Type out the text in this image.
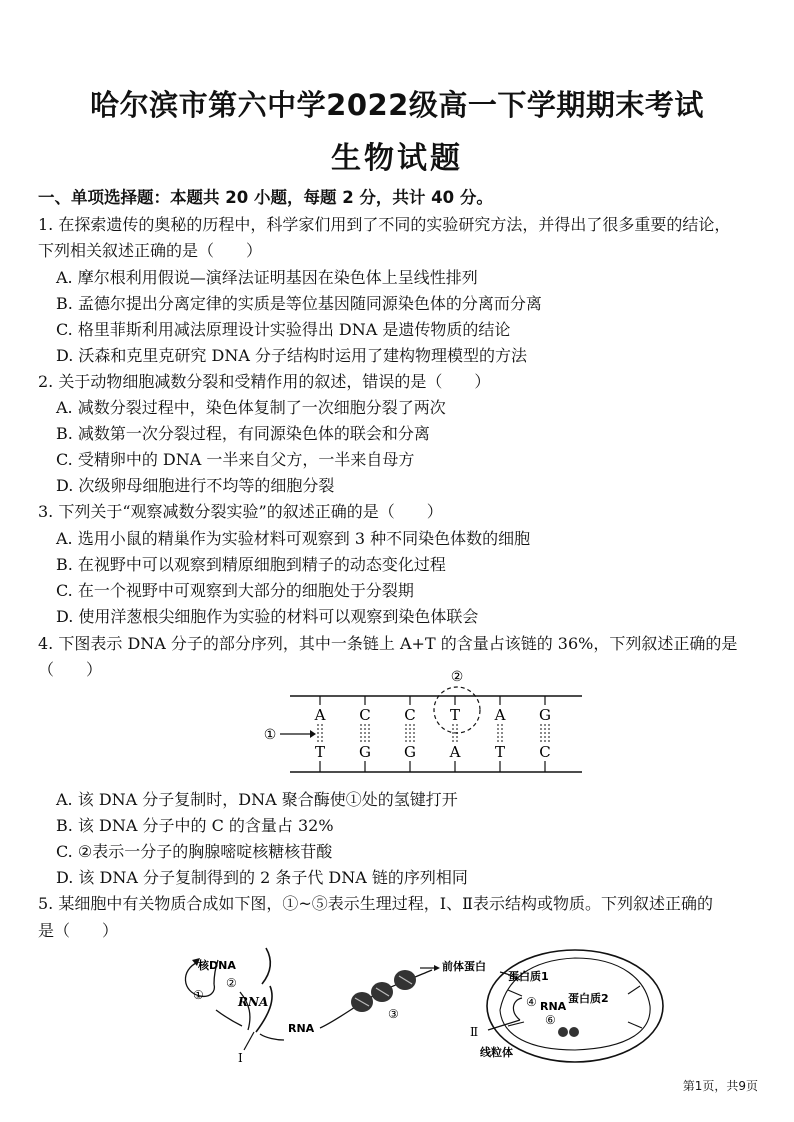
哈尔滨市第六中学2022级高一下学期期末考试
生物试题
一、单项选择题：本题共 20 小题，每题 2 分，共计 40 分。
1. 在探索遗传的奥秘的历程中，科学家们用到了不同的实验研究方法，并得出了很多重要的结论，
下列相关叙述正确的是（　　）
A. 摩尔根利用假说—演绎法证明基因在染色体上呈线性排列
B. 孟德尔提出分离定律的实质是等位基因随同源染色体的分离而分离
C. 格里菲斯利用减法原理设计实验得出 DNA 是遗传物质的结论
D. 沃森和克里克研究 DNA 分子结构时运用了建构物理模型的方法
2. 关于动物细胞减数分裂和受精作用的叙述，错误的是（　　）
A. 减数分裂过程中，染色体复制了一次细胞分裂了两次
B. 减数第一次分裂过程，有同源染色体的联会和分离
C. 受精卵中的 DNA 一半来自父方，一半来自母方
D. 次级卵母细胞进行不均等的细胞分裂
3. 下列关于“观察减数分裂实验”的叙述正确的是（　　）
A. 选用小鼠的精巢作为实验材料可观察到 3 种不同染色体数的细胞
B. 在视野中可以观察到精原细胞到精子的动态变化过程
C. 在一个视野中可观察到大部分的细胞处于分裂期
D. 使用洋葱根尖细胞作为实验的材料可以观察到染色体联会
4. 下图表示 DNA 分子的部分序列，其中一条链上 A+T 的含量占该链的 36%，下列叙述正确的是
（　　）	②
①
A
T
C
G
C
G
T
A
A
T
G
C
A. 该 DNA 分子复制时，DNA 聚合酶使①处的氢键打开
B. 该 DNA 分子中的 C 的含量占 32%
C. ②表示一分子的胸腺嘧啶核糖核苷酸
D. 该 DNA 分子复制得到的 2 条子代 DNA 链的序列相同
5. 某细胞中有关物质合成如下图，①~⑤表示生理过程，Ⅰ、Ⅱ表示结构或物质。下列叙述正确的
是（　　）
核DNA
①
②
RNA
Ⅰ
RNA
③
前体蛋白
蛋白质1
蛋白质2
④ RNA
⑥
Ⅱ
线粒体
第1页，共9页
